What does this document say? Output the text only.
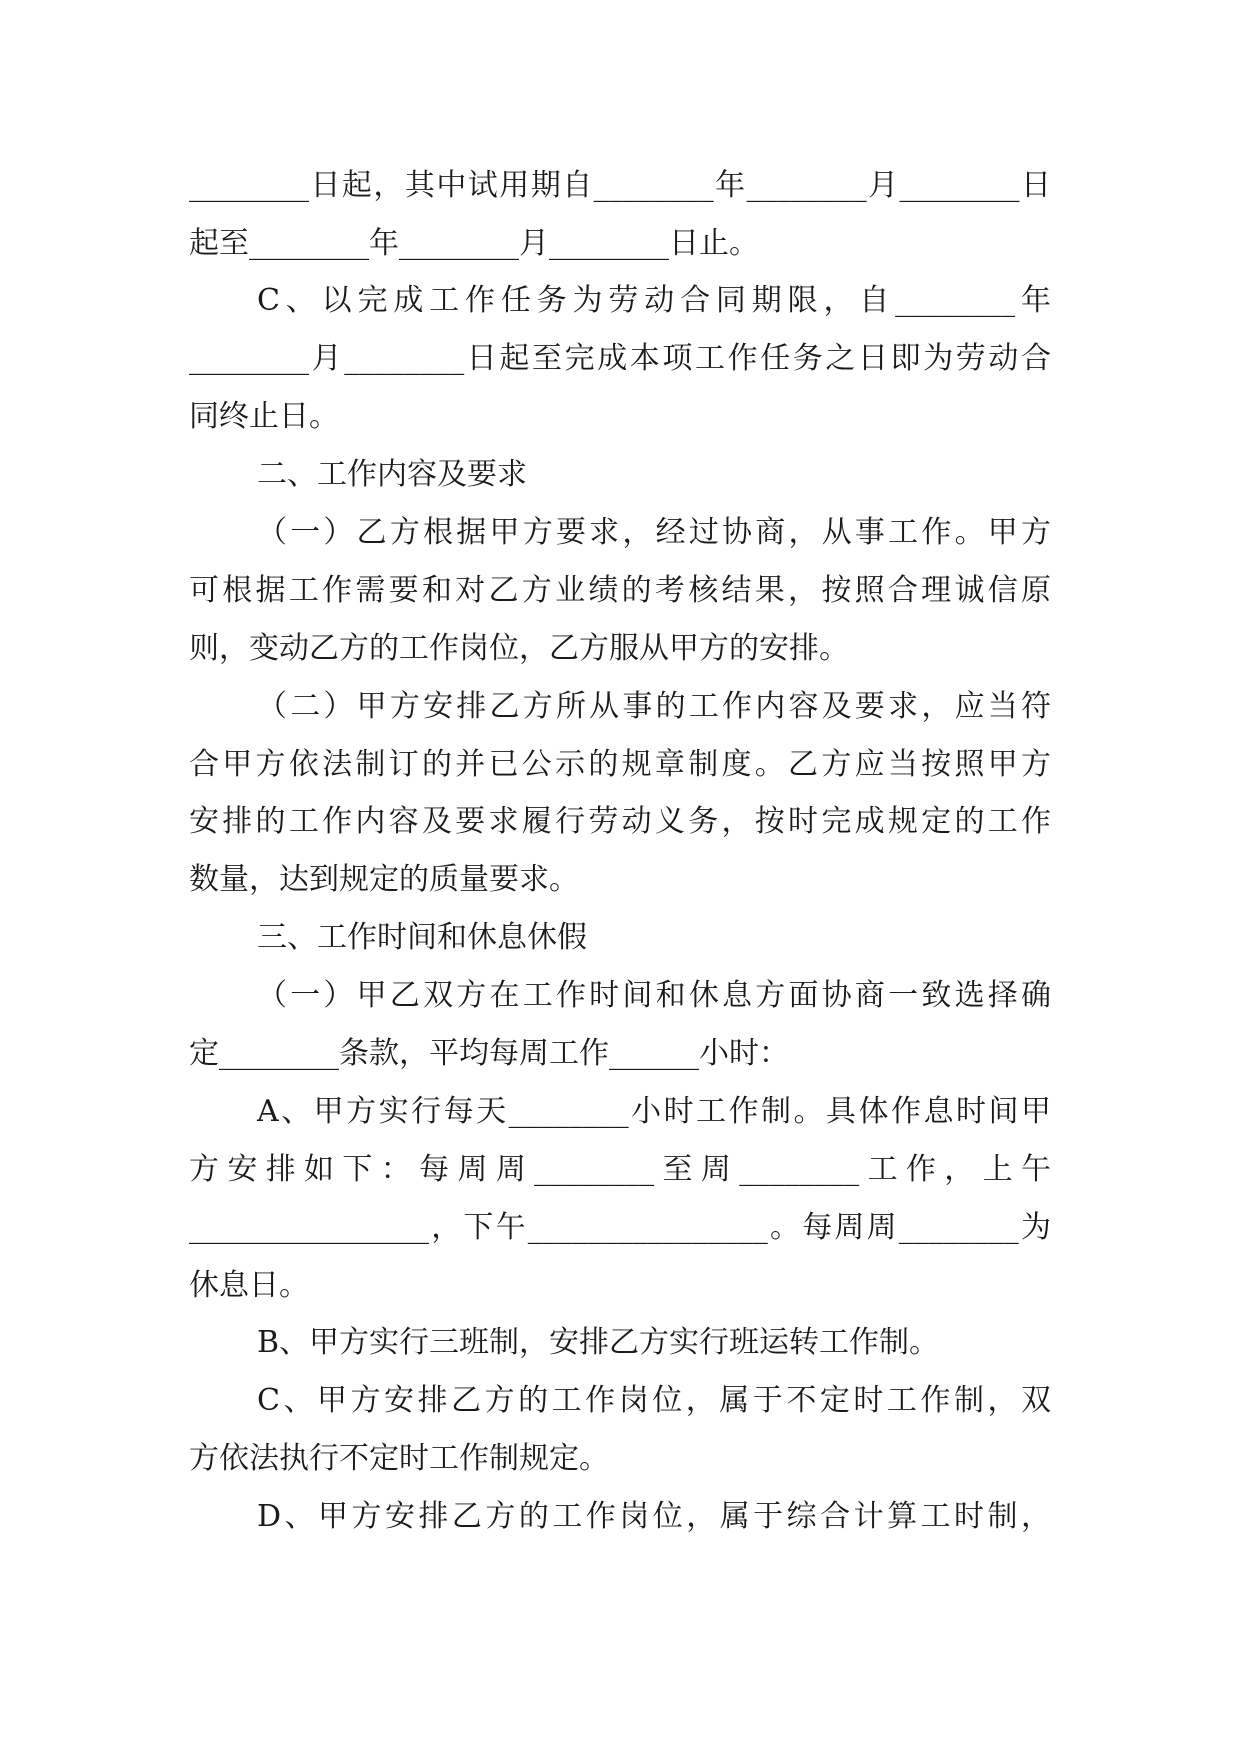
________日起，其中试用期自________年________月________日
起至________年________月________日止。
C、以完成工作任务为劳动合同期限，自________年
________月________日起至完成本项工作任务之日即为劳动合
同终止日。
二、工作内容及要求
（一）乙方根据甲方要求，经过协商，从事工作。甲方
可根据工作需要和对乙方业绩的考核结果，按照合理诚信原
则，变动乙方的工作岗位，乙方服从甲方的安排。
（二）甲方安排乙方所从事的工作内容及要求，应当符
合甲方依法制订的并已公示的规章制度。乙方应当按照甲方
安排的工作内容及要求履行劳动义务，按时完成规定的工作
数量，达到规定的质量要求。
三、工作时间和休息休假
（一）甲乙双方在工作时间和休息方面协商一致选择确
定________条款，平均每周工作______小时：
A、甲方实行每天________小时工作制。具体作息时间甲
方安排如下：每周周________至周________工作，上午
________________，下午________________。每周周________为
休息日。
B、甲方实行三班制，安排乙方实行班运转工作制。
C、甲方安排乙方的工作岗位，属于不定时工作制，双
方依法执行不定时工作制规定。
D、甲方安排乙方的工作岗位，属于综合计算工时制，
